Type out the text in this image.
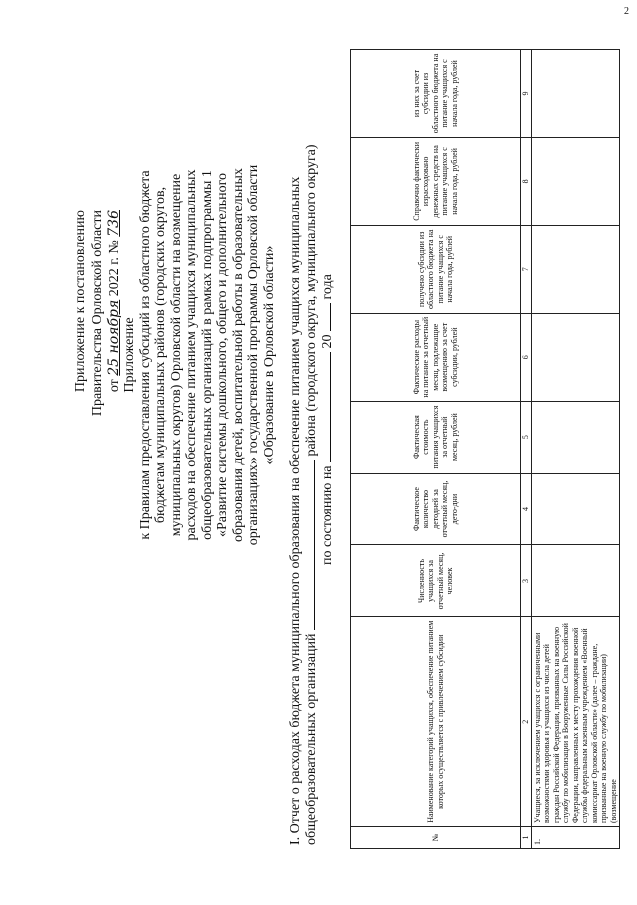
2
Приложение к постановлению Правительства Орловской области от 25 ноября 2022 г. № 736
Приложение к Правилам предоставления субсидий из областного бюджета бюджетам муниципальных районов (городских округов, муниципальных округов) Орловской области на возмещение расходов на обеспечение питанием учащихся муниципальных общеобразовательных организаций в рамках подпрограммы 1 «Развитие системы дошкольного, общего и дополнительного образования детей, воспитательной работы в образовательных организациях» государственной программы Орловской области «Образование в Орловской области» I. Отчет о расходах бюджета муниципального образования на обеспечение питанием учащихся муниципальных общеобразовательных организаций  района (городского округа, муниципального округа)
по состоянию на  20  года
№	Наименование категорий учащихся, обеспечение питанием которых осуществляется с привлечением субсидии	Численность учащихся за отчетный месяц, человек	Фактическое количество детодней за отчетный месяц, дето-дни	Фактическая стоимость питания учащихся за отчетный месяц, рублей	Фактические расходы на питание за отчетный месяц, подлежащие возмещению за счет субсидии, рублей	получено субсидии из областного бюджета на питание учащихся с начала года, рублей	Справочно фактически израсходовано денежных средств на питание учащихся с начала года, рублей	из них за счет субсидии из областного бюджета на питание учащихся с начала года, рублей
1	2	3	4	5	6	7	8	9
1.	Учащиеся, за исключением учащихся с ограниченными возможностями здоровья и учащихся из числа детей граждан Российской Федерации, призванных на военную службу по мобилизации в Вооруженные Силы Российской Федерации, направленных к месту прохождения военной службы федеральным казенным учреждением «Военный комиссариат Орловской области» (далее – граждане, призванные на военную службу по мобилизации) (возмещение							
